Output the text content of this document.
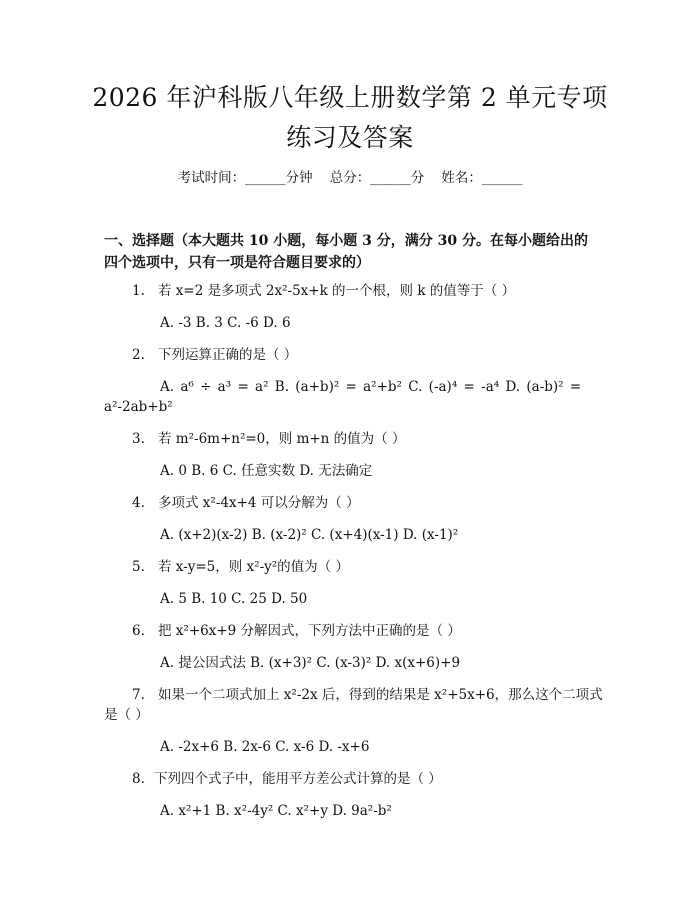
2026 年沪科版八年级上册数学第 2 单元专项
练习及答案
考试时间：______分钟    总分：______分    姓名：______
一、选择题（本大题共 10 小题，每小题 3 分，满分 30 分。在每小题给出的四个选项中，只有一项是符合题目要求的）
1. 若 x=2 是多项式 2x²-5x+k 的一个根，则 k 的值等于（ ）
A. -3 B. 3 C. -6 D. 6
2. 下列运算正确的是（ ）
A. a⁶ ÷ a³ = a² B. (a+b)² = a²+b² C. (-a)⁴ = -a⁴ D. (a-b)² =
a²-2ab+b²
3. 若 m²-6m+n²=0，则 m+n 的值为（ ）
A. 0 B. 6 C. 任意实数 D. 无法确定
4. 多项式 x²-4x+4 可以分解为（ ）
A. (x+2)(x-2) B. (x-2)² C. (x+4)(x-1) D. (x-1)²
5. 若 x-y=5，则 x²-y²的值为（ ）
A. 5 B. 10 C. 25 D. 50
6. 把 x²+6x+9 分解因式，下列方法中正确的是（ ）
A. 提公因式法 B. (x+3)² C. (x-3)² D. x(x+6)+9
7. 如果一个二项式加上 x²-2x 后，得到的结果是 x²+5x+6，那么这个二项式
是（ ）
A. -2x+6 B. 2x-6 C. x-6 D. -x+6
8. 下列四个式子中，能用平方差公式计算的是（ ）
A. x²+1 B. x²-4y² C. x²+y D. 9a²-b²
